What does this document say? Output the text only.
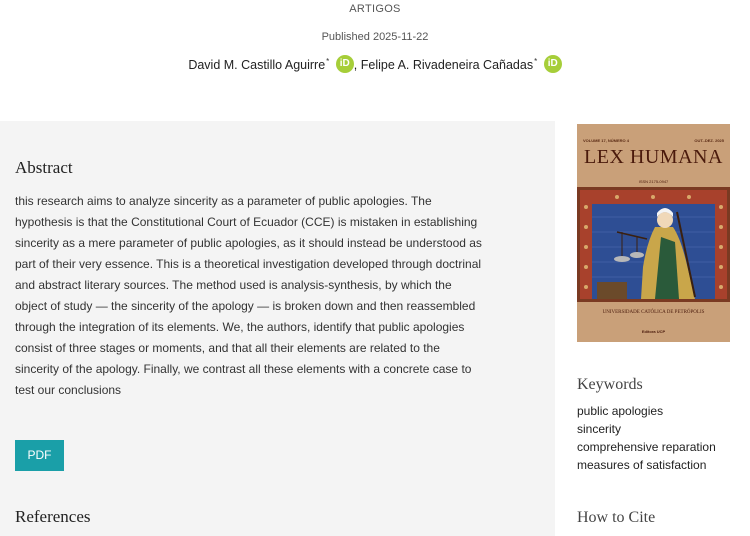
ARTIGOS
Published 2025-11-22
David M. Castillo Aguirre* iD , Felipe A. Rivadeneira Cañadas* iD
Abstract
this research aims to analyze sincerity as a parameter of public apologies. The hypothesis is that the Constitutional Court of Ecuador (CCE) is mistaken in establishing sincerity as a mere parameter of public apologies, as it should instead be understood as part of their very essence. This is a theoretical investigation developed through doctrinal and abstract literary sources. The method used is analysis-synthesis, by which the object of study — the sincerity of the apology — is broken down and then reassembled through the integration of its elements. We, the authors, identify that public apologies consist of three stages or moments, and that all their elements are related to the sincerity of the apology. Finally, we contrast all these elements with a concrete case to test our conclusions
PDF
References
VOLUME 17, NÚMERO 4	OUT.-DEZ. 2025
LEX HUMANA
ISSN 2175-0947
UNIVERSIDADE CATÓLICA DE PETRÓPOLIS
Editora UCP
Keywords
public apologies
sincerity
comprehensive reparation
measures of satisfaction
How to Cite
